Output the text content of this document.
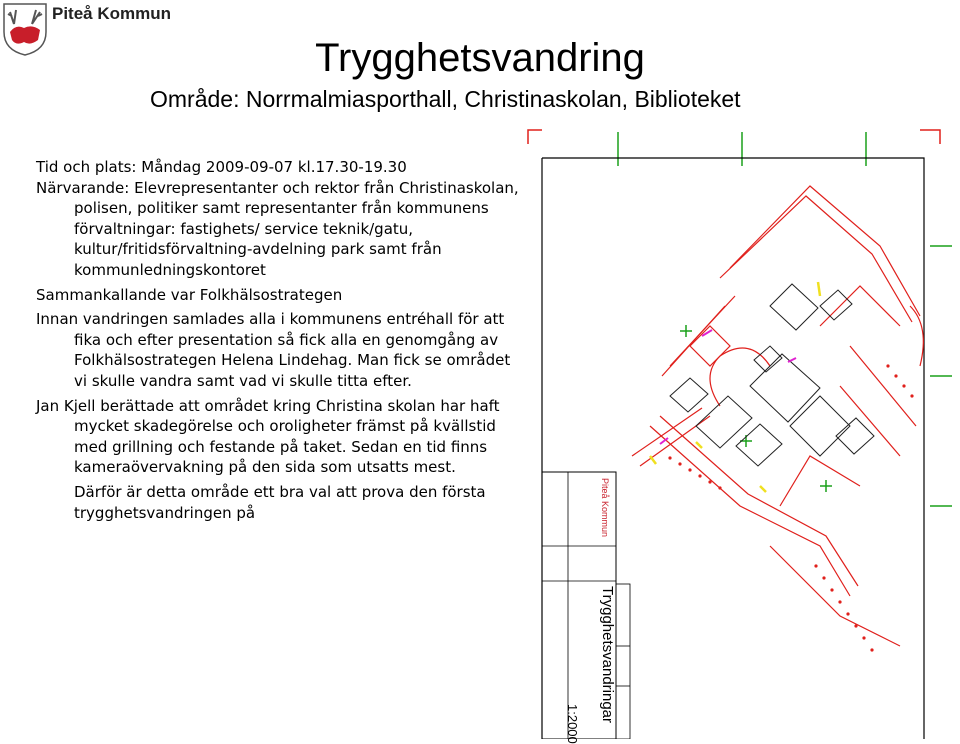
Piteå Kommun
Trygghetsvandring
Område: Norrmalmiasporthall, Christinaskolan, Biblioteket

Tid och plats: Måndag 2009-09-07 kl.17.30-19.30

Närvarande: Elevrepresentanter och rektor från Christinaskolan, polisen, politiker samt representanter från kommunens förvaltningar: fastighets/ service teknik/gatu, kultur/fritidsförvaltning-avdelning park samt från kommunledningskontoret

Sammankallande var Folkhälsostrategen

Innan vandringen samlades alla i kommunens entréhall för att fika och efter presentation så fick alla en genomgång av Folkhälsostrategen Helena Lindehag. Man fick se området vi skulle vandra samt vad vi skulle titta efter.

Jan Kjell berättade att området kring Christina skolan har haft mycket skadegörelse och oroligheter främst på kvällstid med grillning och festande på taket. Sedan en tid finns kameraövervakning på den sida som utsatts mest.

Därför är detta område ett bra val att prova den första trygghetsvandringen på

Trygghetsvandringar
1:2000
Piteå Kommun
